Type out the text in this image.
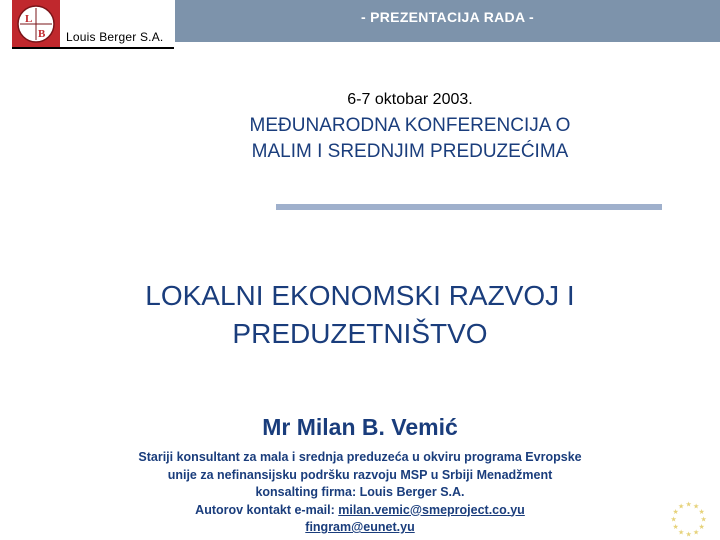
- PREZENTACIJA RADA -
L
B Louis Berger S.A.
6-7 oktobar 2003.
MEĐUNARODNA KONFERENCIJA O
MALIM I SREDNJIM PREDUZEĆIMA
LOKALNI EKONOMSKI RAZVOJ I
PREDUZETNIŠTVO
Mr Milan B. Vemić
Stariji konsultant za mala i srednja preduzeća u okviru programa Evropske
unije za nefinansijsku podršku razvoju MSP u Srbiji Menadžment
konsalting firma: Louis Berger S.A.
Autorov kontakt e-mail: milan.vemic@smeproject.co.yu
fingram@eunet.yu	★
★
★
★
★
★
★
★
★ ★ ★
★
